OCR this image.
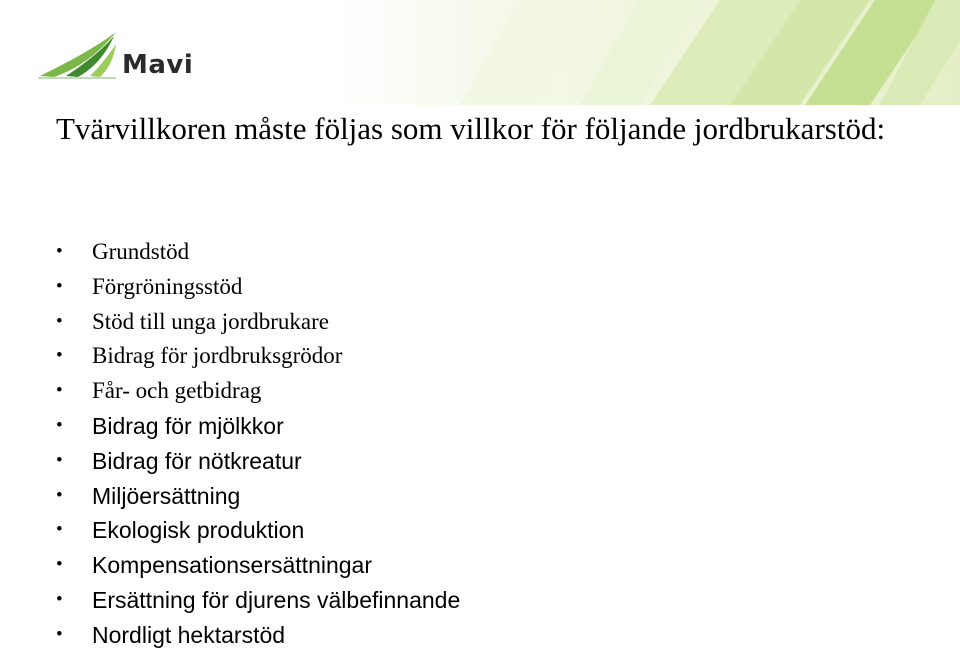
Mavi
Tvärvillkoren måste följas som villkor för följande jordbrukarstöd:
• Grundstöd
• Förgröningsstöd
• Stöd till unga jordbrukare
• Bidrag för jordbruksgrödor
• Får- och getbidrag
• Bidrag för mjölkkor
• Bidrag för nötkreatur
• Miljöersättning
• Ekologisk produktion
• Kompensationsersättningar
• Ersättning för djurens välbefinnande
• Nordligt hektarstöd
